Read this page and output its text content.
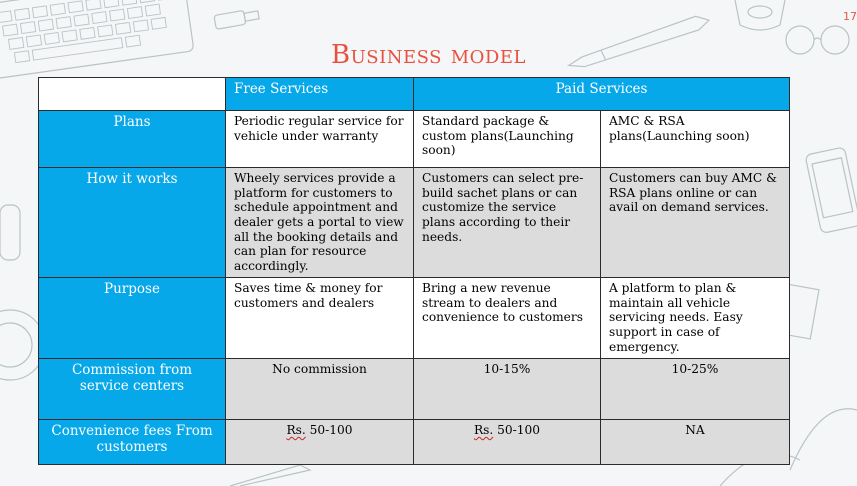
17
Business model
	Free Services	Paid Services	
Plans	Periodic regular service for vehicle under warranty	Standard package & custom plans(Launching soon)	AMC & RSA plans(Launching soon)
How it works	Wheely services provide a platform for customers to schedule appointment and dealer gets a portal to view all the booking details and can plan for resource accordingly.	Customers can select pre-build sachet plans or can customize the service plans according to their needs.	Customers can buy AMC & RSA plans online or can avail on demand services.
Purpose	Saves time & money for customers and dealers	Bring a new revenue stream to dealers and convenience to customers	A platform to plan & maintain all vehicle servicing needs. Easy support in case of emergency.
Commission from service centers	No commission	10-15%	10-25%
Convenience fees From customers	Rs. 50-100	Rs. 50-100	NA
